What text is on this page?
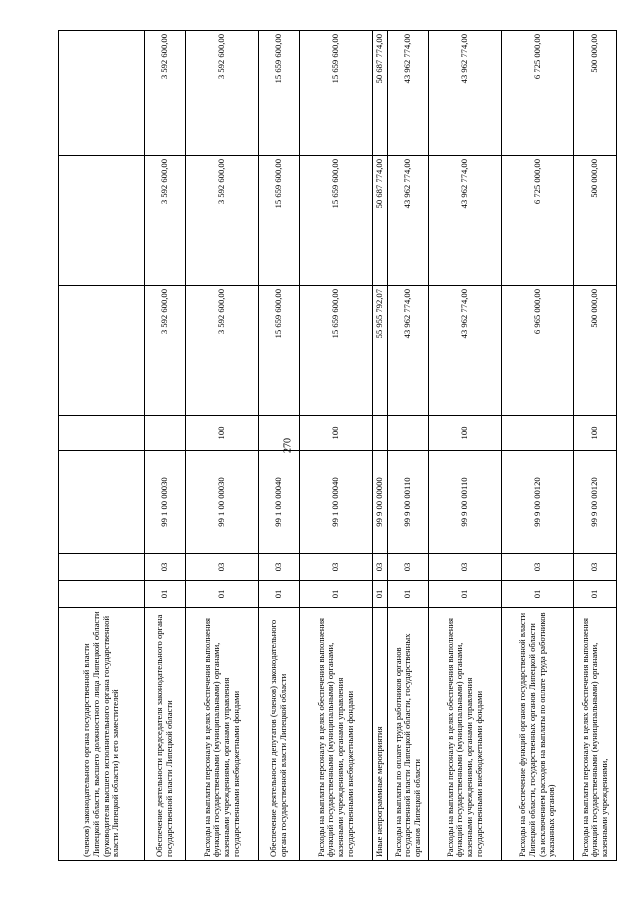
270
(членов) законодательного органа государственной власти Липецкой области, высшего должностного лица Липецкой области (руководителя высшего исполнительного органа государственной власти Липецкой области) и его заместителей							
Обеспечение деятельности председателя законодательного органа государственной власти Липецкой области	01	03	99 1 00 00030		3 592 600,00	3 592 600,00	3 592 600,00
Расходы на выплаты персоналу в целях обеспечения выполнения функций государственными (муниципальными) органами, казенными учреждениями, органами управления государственными внебюджетными фондами	01	03	99 1 00 00030	100	3 592 600,00	3 592 600,00	3 592 600,00
Обеспечение деятельности депутатов (членов) законодательного органа государственной власти Липецкой области	01	03	99 1 00 00040		15 659 600,00	15 659 600,00	15 659 600,00
Расходы на выплаты персоналу в целях обеспечения выполнения функций государственными (муниципальными) органами, казенными учреждениями, органами управления государственными внебюджетными фондами	01	03	99 1 00 00040	100	15 659 600,00	15 659 600,00	15 659 600,00
Иные непрограммные мероприятия	01	03	99 9 00 00000		55 955 792,07	50 687 774,00	50 687 774,00
Расходы на выплаты по оплате труда работников органов государственной власти Липецкой области, государственных органов Липецкой области	01	03	99 9 00 00110		43 962 774,00	43 962 774,00	43 962 774,00
Расходы на выплаты персоналу в целях обеспечения выполнения функций государственными (муниципальными) органами, казенными учреждениями, органами управления государственными внебюджетными фондами	01	03	99 9 00 00110	100	43 962 774,00	43 962 774,00	43 962 774,00
Расходы на обеспечение функций органов государственной власти Липецкой области, государственных органов Липецкой области (за исключением расходов на выплаты по оплате труда работников указанных органов)	01	03	99 9 00 00120		6 965 000,00	6 725 000,00	6 725 000,00
Расходы на выплаты персоналу в целях обеспечения выполнения функций государственными (муниципальными) органами, казенными учреждениями,	01	03	99 9 00 00120	100	500 000,00	500 000,00	500 000,00
